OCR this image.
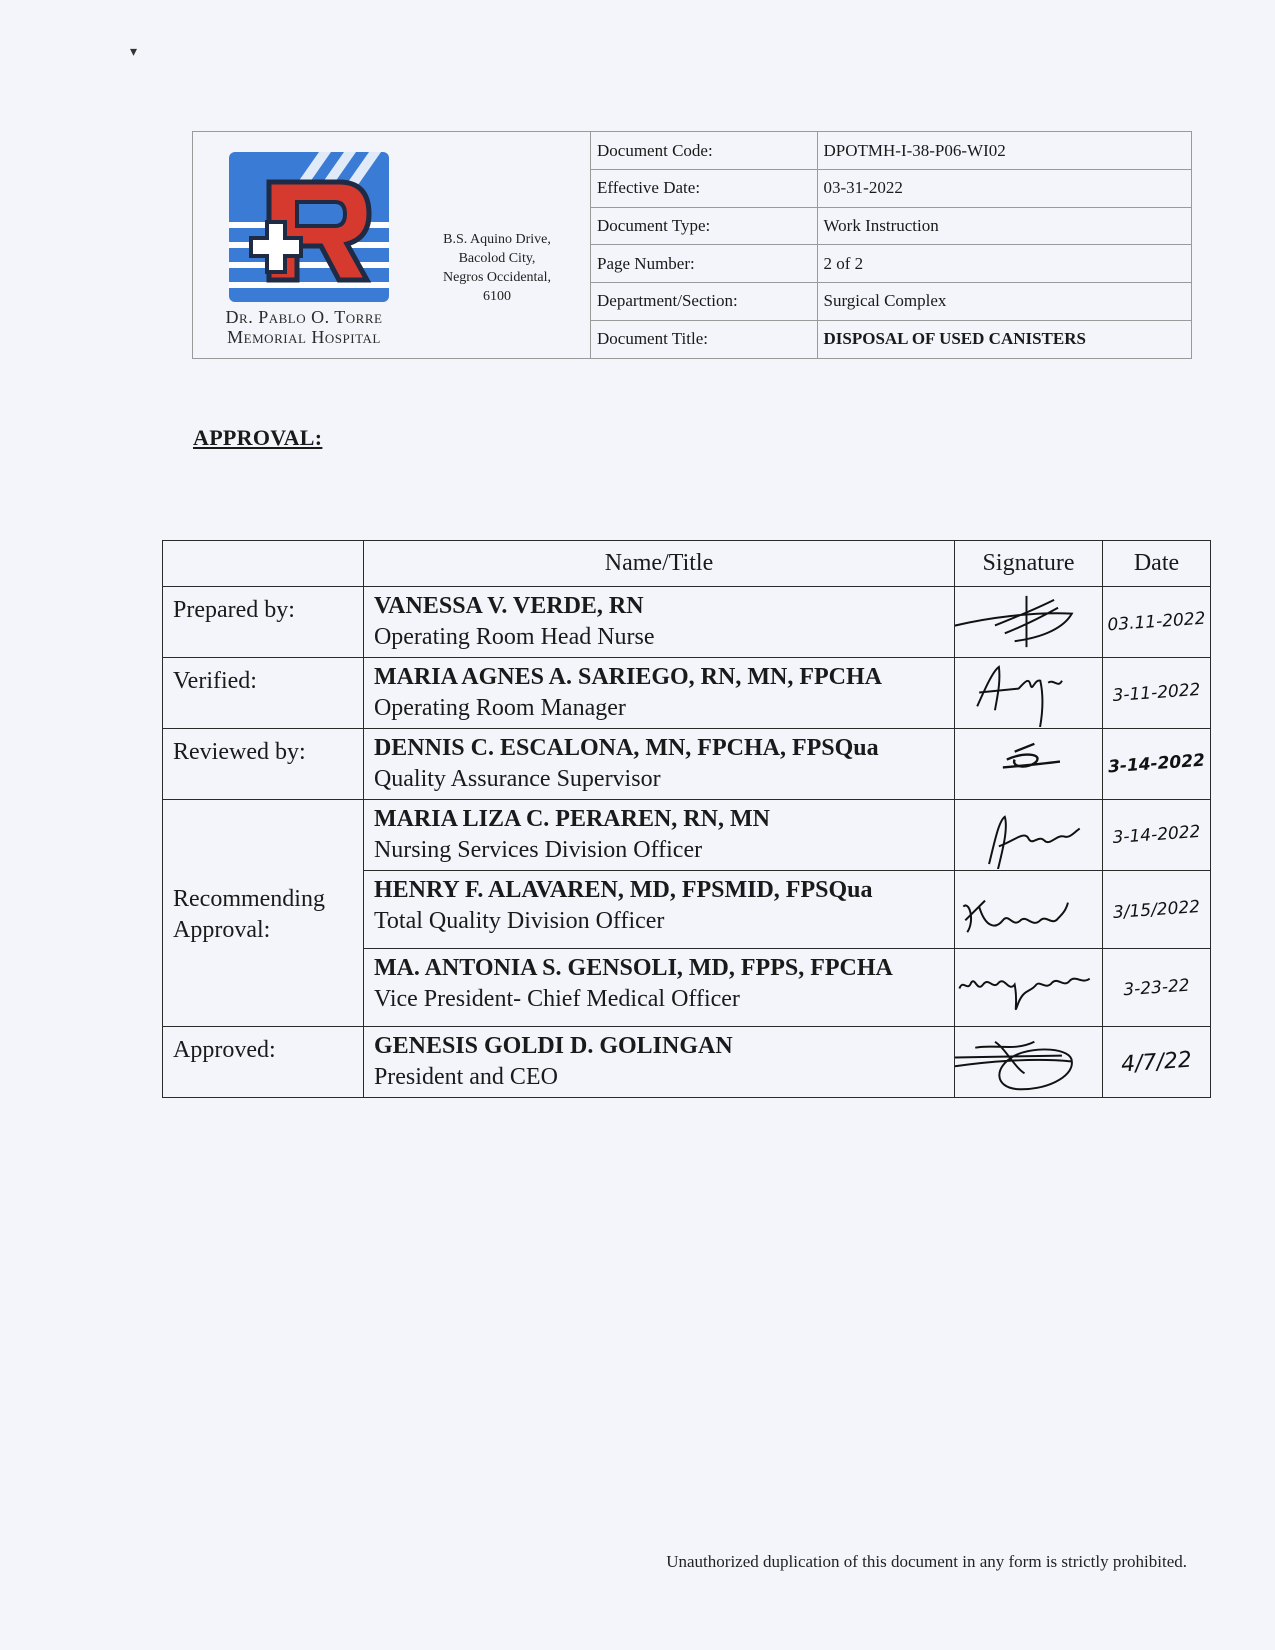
▾
Dr. Pablo O. Torre
Memorial Hospital
B.S. Aquino Drive,
Bacolod City,
Negros Occidental,
6100
Document Code:	DPOTMH-I-38-P06-WI02
Effective Date:	03-31-2022
Document Type:	Work Instruction
Page Number:	2 of 2
Department/Section:	Surgical Complex
Document Title:	DISPOSAL OF USED CANISTERS
APPROVAL:
	Name/Title	Signature	Date
Prepared by:	VANESSA V. VERDE, RN
Operating Room Head Nurse		03.11-2022

Verified:	MARIA AGNES A. SARIEGO, RN, MN, FPCHA
Operating Room Manager		3-11-2022

Reviewed by:	DENNIS C. ESCALONA, MN, FPCHA, FPSQua
Quality Assurance Supervisor		3-14-2022

Recommending Approval:	MARIA LIZA C. PERAREN, RN, MN
Nursing Services Division Officer		3-14-2022

	HENRY F. ALAVAREN, MD, FPSMID, FPSQua
Total Quality Division Officer		3/15/2022

	MA. ANTONIA S. GENSOLI, MD, FPPS, FPCHA
Vice President- Chief Medical Officer		3-23-22

Approved:	GENESIS GOLDI D. GOLINGAN
President and CEO		4/7/22
Unauthorized duplication of this document in any form is strictly prohibited.
